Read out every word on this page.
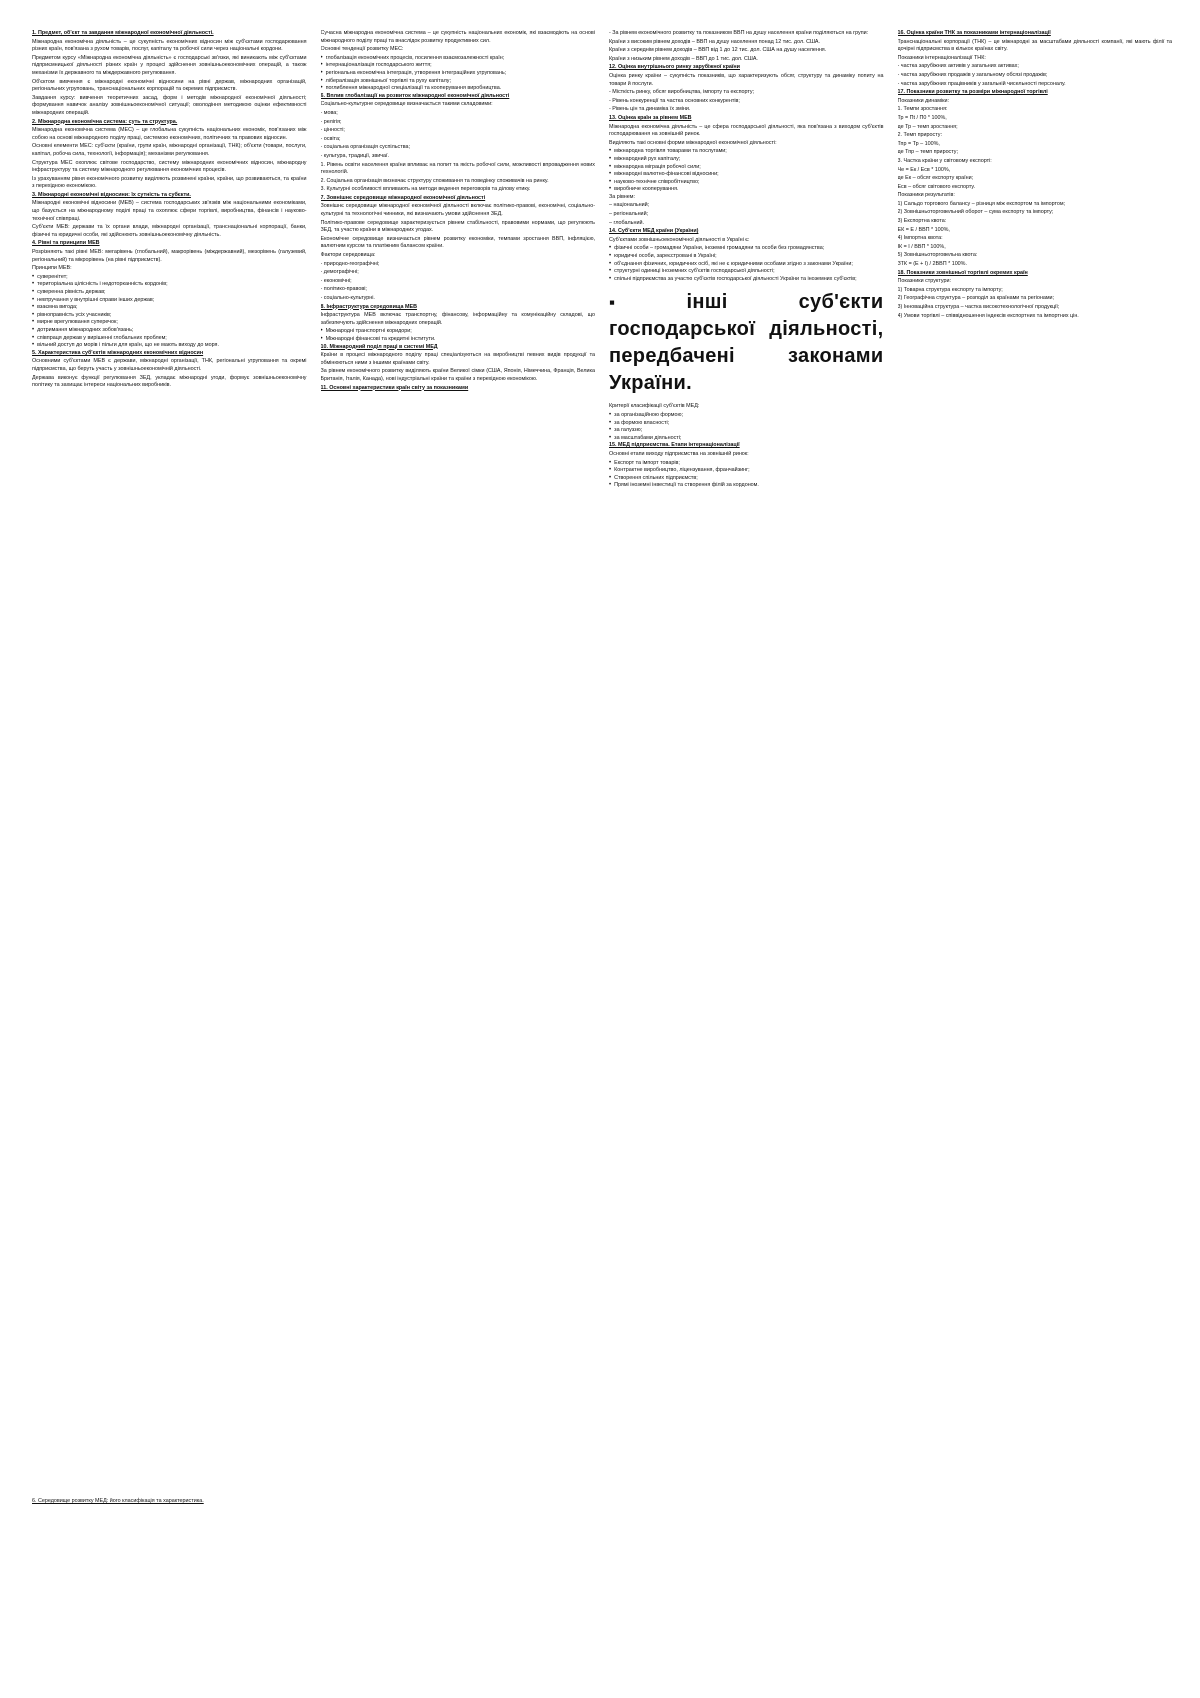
1. Предмет, об'єкт та завдання міжнародної економічної діяльності.

Міжнародна економічна діяльність – це сукупність економічних відносин між суб'єктами господарювання різних країн, пов'язана з рухом товарів, послуг, капіталу та робочої сили через національні кордони.

Предметом курсу «Міжнародна економічна діяльність» є господарські зв'язки, які виникають між суб'єктами підприємницької діяльності різних країн у процесі здійснення зовнішньоекономічних операцій, а також механізми їх державного та міждержавного регулювання.

Об'єктом вивчення є міжнародні економічні відносини на рівні держав, міжнародних організацій, регіональних угруповань, транснаціональних корпорацій та окремих підприємств.

Завдання курсу: вивчення теоретичних засад, форм і методів міжнародної економічної діяльності; формування навичок аналізу зовнішньоекономічної ситуації; оволодіння методикою оцінки ефективності міжнародних операцій.

2. Міжнародна економічна система: суть та структура.

Міжнародна економічна система (МЕС) – це глобальна сукупність національних економік, пов'язаних між собою на основі міжнародного поділу праці, системою економічних, політичних та правових відносин.

Основні елементи МЕС: суб'єкти (країни, групи країн, міжнародні організації, ТНК); об'єкти (товари, послуги, капітал, робоча сила, технології, інформація); механізми регулювання.

Структура МЕС охоплює світове господарство, систему міжнародних економічних відносин, міжнародну інфраструктуру та систему міжнародного регулювання економічних процесів.

Із урахуванням рівня економічного розвитку виділяють розвинені країни, країни, що розвиваються, та країни з перехідною економікою.

3. Міжнародні економічні відносини: їх сутність та субєкти.

Міжнародні економічні відносини (МЕВ) – система господарських зв'язків між національними економіками, що базується на міжнародному поділі праці та охоплює сфери торгівлі, виробництва, фінансів і науково-технічної співпраці.

Суб'єкти МЕВ: держави та їх органи влади, міжнародні організації, транснаціональні корпорації, банки, фізичні та юридичні особи, які здійснюють зовнішньоекономічну діяльність.

4. Рівні та принципи МЕВ

Розрізняють такі рівні МЕВ: мегарівень (глобальний), макрорівень (міждержавний), мезорівень (галузевий, регіональний) та мікрорівень (на рівні підприємств).

Принципи МЕВ:

• суверенітет;
• територіальна цілісність і недоторканність кордонів;
• суверенна рівність держав;
• невтручання у внутрішні справи інших держав;
• взаємна вигода;
• рівноправність усіх учасників;
• мирне врегулювання суперечок;
• дотримання міжнародних зобов'язань;
• співпраця держав у вирішенні глобальних проблем;
• вільний доступ до морів і пільги для країн, що не мають виходу до моря.

5. Характеристика суб'єктів міжнародних економічних відносин

Основними суб'єктами МЕВ є держави, міжнародні організації, ТНК, регіональні угруповання та окремі підприємства, що беруть участь у зовнішньоекономічній діяльності.

Держава виконує функції регулювання ЗЕД, укладає міжнародні угоди, формує зовнішньоекономічну політику та захищає інтереси національних виробників.

Сучасна міжнародна економічна система – це сукупність національних економік, які взаємодіють на основі міжнародного поділу праці та внаслідок розвитку продуктивних сил.

Основні тенденції розвитку МЕС:

• глобалізація економічних процесів, посилення взаємозалежності країн;
• інтернаціоналізація господарського життя;
• регіональна економічна інтеграція, утворення інтеграційних угруповань;
• лібералізація зовнішньої торгівлі та руху капіталу;
• поглиблення міжнародної спеціалізації та кооперування виробництва.

6. Вплив глобалізації на розвиток міжнародної економічної діяльності

Соціально-культурне середовище визначається такими складовими:

- мова;

- релігія;

- цінності;

- освіта;

- соціальна організація суспільства;

- культура, традиції, звичаї.

1. Рівень освіти населення країни впливає на попит та якість робочої сили, можливості впровадження нових технологій.

2. Соціальна організація визначає структуру споживання та поведінку споживачів на ринку.

3. Культурні особливості впливають на методи ведення переговорів та ділову етику.

7. Зовнішнє середовище міжнародної економічної діяльності

Зовнішнє середовище міжнародної економічної діяльності включає політико-правові, економічні, соціально-культурні та технологічні чинники, які визначають умови здійснення ЗЕД.

Політико-правове середовище характеризується рівнем стабільності, правовими нормами, що регулюють ЗЕД, та участю країни в міжнародних угодах.

Економічне середовище визначається рівнем розвитку економіки, темпами зростання ВВП, інфляцією, валютним курсом та платіжним балансом країни.

Фактори середовища:

- природно-географічні;

- демографічні;

- економічні;

- політико-правові;

- соціально-культурні.

8. Інфраструктура середовища МЕВ

Інфраструктура МЕВ включає транспортну, фінансову, інформаційну та комунікаційну складові, що забезпечують здійснення міжнародних операцій.

• Міжнародні транспортні коридори;
• Міжнародні фінансові та кредитні інститути.

10. Міжнародний поділ праці в системі МЕД

Країни в процесі міжнародного поділу праці спеціалізуються на виробництві певних видів продукції та обмінюються ними з іншими країнами світу.

За рівнем економічного розвитку виділяють країни Великої сімки (США, Японія, Німеччина, Франція, Велика Британія, Італія, Канада), нові індустріальні країни та країни з перехідною економікою.

11. Основні характеристики країн світу за показниками

- За рівнем економічного розвитку та показником ВВП на душу населення країни поділяються на групи:

Країни з високим рівнем доходів – ВВП на душу населення понад 12 тис. дол. США.

Країни з середнім рівнем доходів – ВВП від 1 до 12 тис. дол. США на душу населення.

Країни з низьким рівнем доходів – ВВП до 1 тис. дол. США.

12. Оцінка внутрішнього ринку зарубіжної країни

Оцінка ринку країни – сукупність показників, що характеризують обсяг, структуру та динаміку попиту на товари й послуги.

- Місткість ринку, обсяг виробництва, імпорту та експорту;

- Рівень конкуренції та частка основних конкурентів;

- Рівень цін та динаміка їх зміни.

13. Оцінка країн за рівнем МЕВ

Міжнародна економічна діяльність – це сфера господарської діяльності, яка пов'язана з виходом суб'єктів господарювання на зовнішній ринок.

Виділяють такі основні форми міжнародної економічної діяльності:

• міжнародна торгівля товарами та послугами;
• міжнародний рух капіталу;
• міжнародна міграція робочої сили;
• міжнародні валютно-фінансові відносини;
• науково-технічне співробітництво;
• виробниче кооперування.

За рівнем:

– національний;

– регіональний;

– глобальний.

14. Суб'єкти МЕД країни (України)

Суб'єктами зовнішньоекономічної діяльності в Україні є:

• фізичні особи – громадяни України, іноземні громадяни та особи без громадянства;
• юридичні особи, зареєстровані в Україні;
• об'єднання фізичних, юридичних осіб, які не є юридичними особами згідно з законами України;
• структурні одиниці іноземних суб'єктів господарської діяльності;
• спільні підприємства за участю суб'єктів господарської діяльності України та іноземних суб'єктів;
▪ інші суб'єкти господарської діяльності, передбачені законами України.

Критерії класифікації суб'єктів МЕД:

• за організаційною формою;
• за формою власності;
• за галуззю;
• за масштабами діяльності;

15. МЕД підприємства. Етапи інтернаціоналізації

Основні етапи виходу підприємства на зовнішній ринок:

• Експорт та імпорт товарів;
• Контрактне виробництво, ліцензування, франчайзинг;
• Створення спільних підприємств;
• Прямі іноземні інвестиції та створення філій за кордоном.

16. Оцінка країни ТНК за показниками інтернаціоналізації

Транснаціональні корпорації (ТНК) – це міжнародні за масштабами діяльності компанії, які мають філії та дочірні підприємства в кількох країнах світу.

Показники інтернаціоналізації ТНК:

- частка зарубіжних активів у загальних активах;

- частка зарубіжних продажів у загальному обсязі продажів;

- частка зарубіжних працівників у загальній чисельності персоналу.

17. Показники розвитку та розміри міжнародної торгівлі

Показники динаміки:

1. Темпи зростання:

Тр = Пt / П0 * 100%,

де Тр – темп зростання;

2. Темп приросту:

Тпр = Тр – 100%,

де Тпр – темп приросту;

3. Частка країни у світовому експорті:

Че = Ек / Есв * 100%,

де Ек – обсяг експорту країни;

Есв – обсяг світового експорту.

Показники результатів:

1) Сальдо торгового балансу – різниця між експортом та імпортом;

2) Зовнішньоторговельний оборот – сума експорту та імпорту;

3) Експортна квота:

ЕК = Е / ВВП * 100%,

4) Імпортна квота:

ІК = І / ВВП * 100%,

5) Зовнішньоторговельна квота:

ЗТК = (Е + І) / 2ВВП * 100%.

18. Показники зовнішньої торгівлі окремих країн

Показники структури:

1) Товарна структура експорту та імпорту;

2) Географічна структура – розподіл за країнами та регіонами;

3) Інноваційна структура – частка високотехнологічної продукції;

4) Умови торгівлі – співвідношення індексів експортних та імпортних цін.

6. Середовище розвитку МЕД: його класифікація та характеристика.
